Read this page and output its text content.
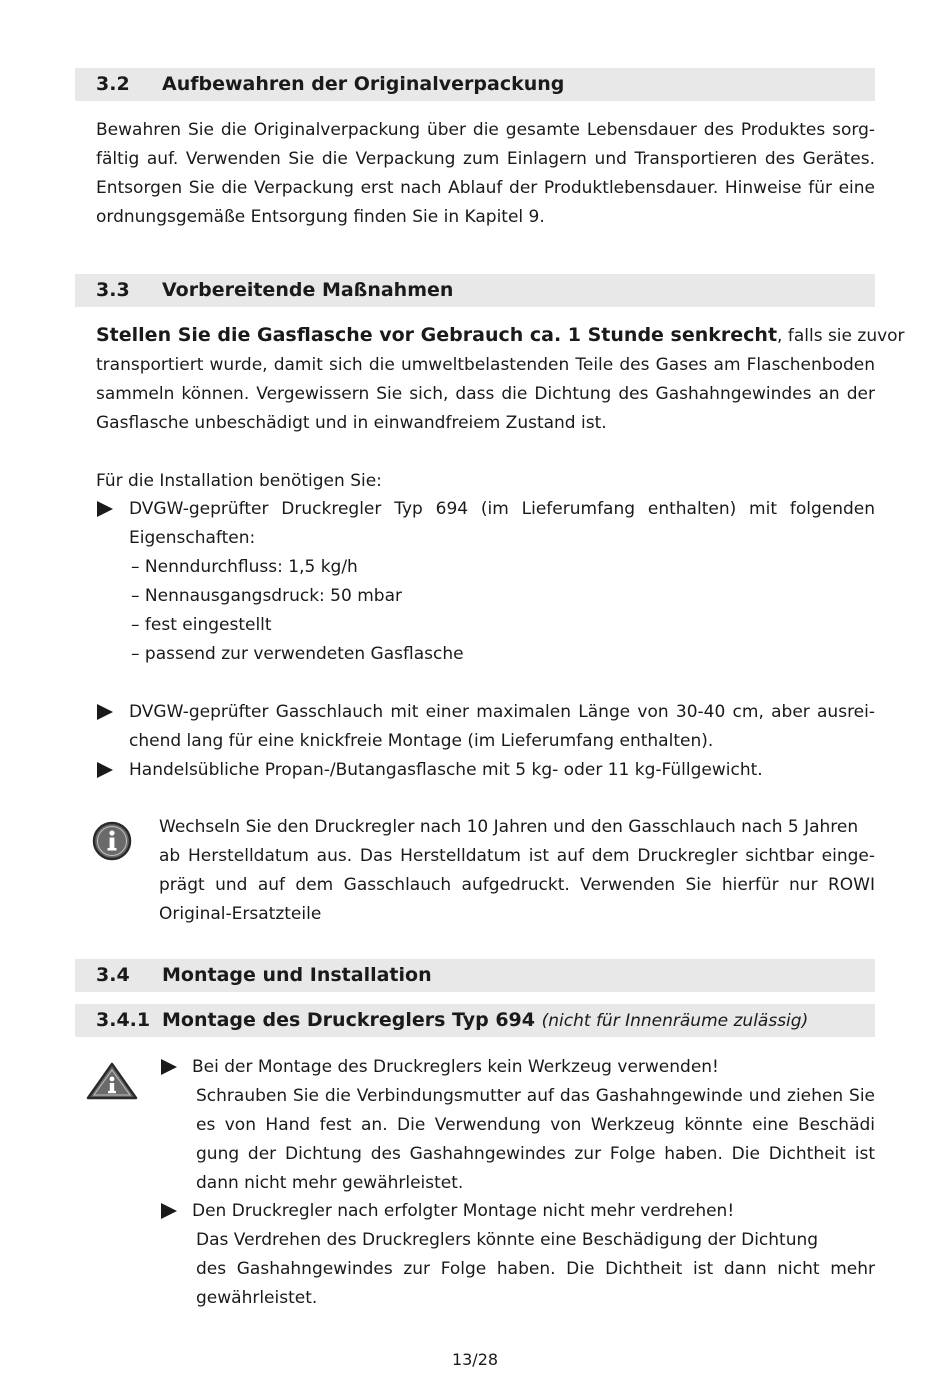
3.2 Aufbewahren der Originalverpackung
Bewahren Sie die Originalverpackung über die gesamte Lebensdauer des Produktes sorg-
fältig auf. Verwenden Sie die Verpackung zum Einlagern und Transportieren des Gerätes.
Entsorgen Sie die Verpackung erst nach Ablauf der Produktlebensdauer. Hinweise für eine
ordnungsgemäße Entsorgung finden Sie in Kapitel 9.
3.3 Vorbereitende Maßnahmen
Stellen Sie die Gasflasche vor Gebrauch ca. 1 Stunde senkrecht, falls sie zuvor
transportiert wurde, damit sich die umweltbelastenden Teile des Gases am Flaschenboden
sammeln können. Vergewissern Sie sich, dass die Dichtung des Gashahngewindes an der
Gasflasche unbeschädigt und in einwandfreiem Zustand ist.
Für die Installation benötigen Sie:
DVGW-geprüfter Druckregler Typ 694 (im Lieferumfang enthalten) mit folgenden
Eigenschaften:
– Nenndurchfluss: 1,5 kg/h
– Nennausgangsdruck: 50 mbar
– fest eingestellt
– passend zur verwendeten Gasflasche
DVGW-geprüfter Gasschlauch mit einer maximalen Länge von 30-40 cm, aber ausrei-
chend lang für eine knickfreie Montage (im Lieferumfang enthalten).
Handelsübliche Propan-/Butangasflasche mit 5 kg- oder 11 kg-Füllgewicht.
Wechseln Sie den Druckregler nach 10 Jahren und den Gasschlauch nach 5 Jahren
ab Herstelldatum aus. Das Herstelldatum ist auf dem Druckregler sichtbar einge-
prägt und auf dem Gasschlauch aufgedruckt. Verwenden Sie hierfür nur ROWI
Original-Ersatzteile
3.4 Montage und Installation
3.4.1 Montage des Druckreglers Typ 694 (nicht für Innenräume zulässig)
Bei der Montage des Druckreglers kein Werkzeug verwenden!
Schrauben Sie die Verbindungsmutter auf das Gashahngewinde und ziehen Sie
es von Hand fest an. Die Verwendung von Werkzeug könnte eine Beschädi
gung der Dichtung des Gashahngewindes zur Folge haben. Die Dichtheit ist
dann nicht mehr gewährleistet.
Den Druckregler nach erfolgter Montage nicht mehr verdrehen!
Das Verdrehen des Druckreglers könnte eine Beschädigung der Dichtung
des Gashahngewindes zur Folge haben. Die Dichtheit ist dann nicht mehr
gewährleistet.
13/28
